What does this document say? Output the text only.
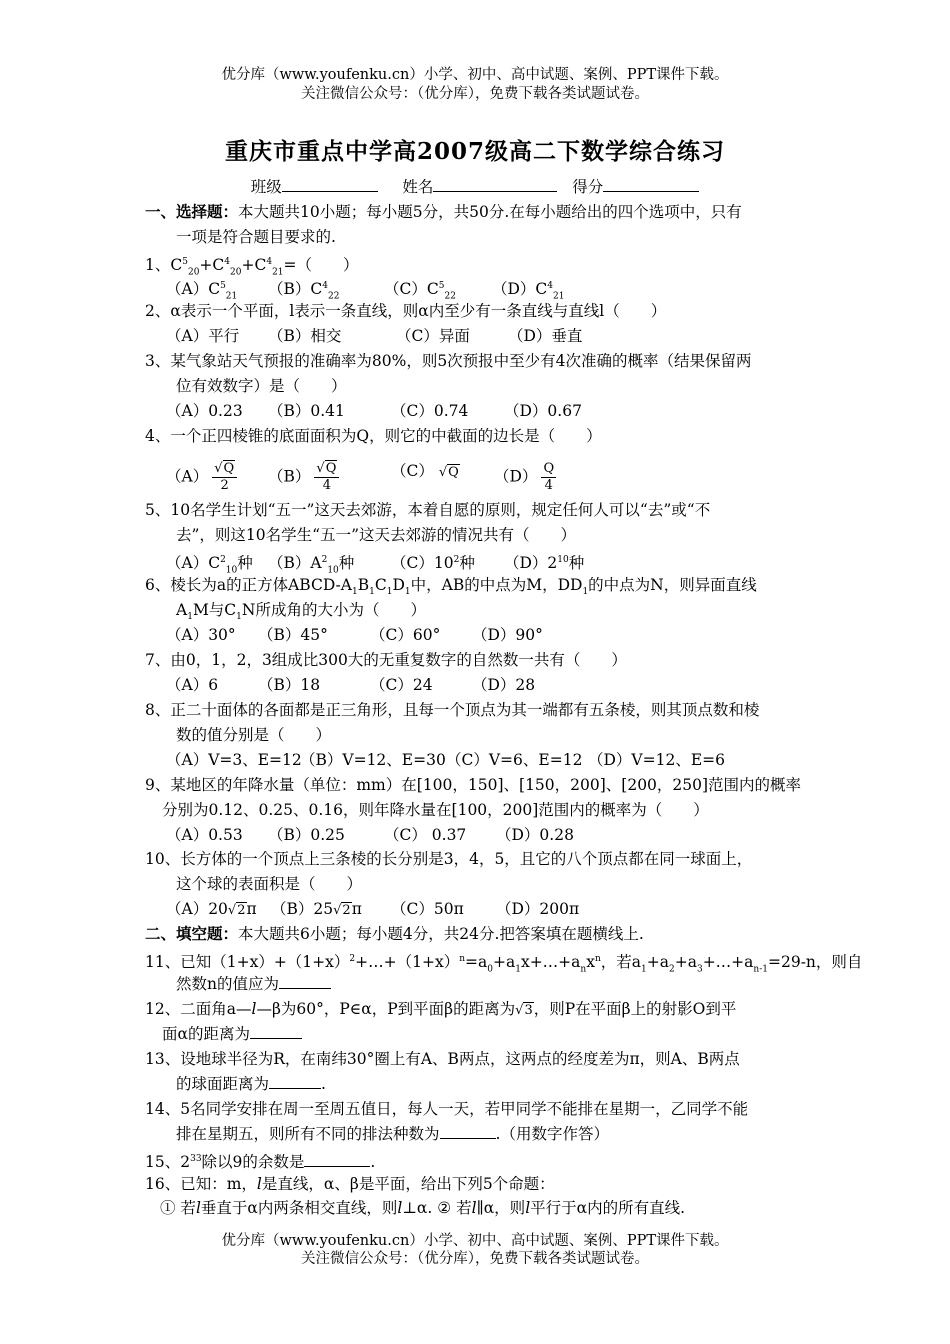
优分库（www.youfenku.cn）小学、初中、高中试题、案例、PPT课件下载。
关注微信公众号：（优分库），免费下载各类试题试卷。
重庆市重点中学高2007级高二下数学综合练习
班级	姓名	得分
一、选择题：本大题共10小题；每小题5分，共50分.在每小题给出的四个选项中，只有
一项是符合题目要求的.
1、$C^5_{20}+C^4_{20}+C^4_{21}=$（　　）
$(A)C^5_{21}$ $(B)C^4_{22}$	$(C)C^5_{22}$ $(D)C^4_{21}$
2、α表示一个平面，l表示一条直线，则α内至少有一条直线与直线l（　　）
（A）平行 （B）相交	（C）异面 （D）垂直
3、某气象站天气预报的准确率为80%，则5次预报中至少有4次准确的概率（结果保留两
位有效数字）是（　　）
（A）0.23 （B）0.41	（C）0.74 （D）0.67
4、一个正四棱锥的底面面积为Q，则它的中截面的边长是（　　）
$(A) \frac{√Q}{2} (B) \frac{√Q}{4}$	（C） √Q $(D) \frac{Q}{4}$
5、10名学生计划“五一”这天去郊游，本着自愿的原则，规定任何人可以“去”或“不
去”，则这10名学生“五一”这天去郊游的情况共有（　　）
$(A)C^2_{10}$种 $(B)A^2_{10}$种 $(C)10^2$种 $(D)2^{10}$种
6、棱长为a的正方体ABCD-$A_1B_1C_1D_1$中，AB的中点为M，$DD_1$的中点为N，则异面直线
$A_1M$与$C_1N$所成角的大小为（　　）
（A）30° （B）45°	（C）60° （D）90°
7、由0，1，2，3组成比300大的无重复数字的自然数一共有（　　）
（A）6	（B）18	（C）24	（D）28
8、正二十面体的各面都是正三角形，且每一个顶点为其一端都有五条棱，则其顶点数和棱
数的值分别是（　　）
（A）V=3、E=12
（B）V=12、E=30 （C）V=6、E=12 （D）V=12、E=6
9、某地区的年降水量（单位：mm）在[100，150]、[150，200]、[200，250]范围内的概率
分别为0.12、0.25、0.16，则年降水量在[100，200]范围内的概率为（　　）
（A）0.53 （B）0.25	（C） 0.37 （D）0.28
10、长方体的一个顶点上三条棱的长分别是3，4，5，且它的八个顶点都在同一球面上，
这个球的表面积是（　　）
（A）20√2π （B）25√2π （C）50π （D）200π
二、填空题：本大题共6小题；每小题4分，共24分.把答案填在题横线上.
11、已知$(1+x)+(1+x)^2+\dots+(1+x)^n=a_0+a_1x+\dots+a_nx^n$，若$a_1+a_2+a_3+\dots+a_{n-1}=29-n$，则自
然数n的值应为
12、二面角a—l—β为60°，P∈α，P到平面β的距离为√3，则P在平面β上的射影O到平
面α的距离为
13、设地球半径为R，在南纬30°圈上有A、B两点，这两点的经度差为π，则A、B两点
的球面距离为	.
14、5名同学安排在周一至周五值日，每人一天，若甲同学不能排在星期一，乙同学不能
排在星期五，则所有不同的排法种数为	.（用数字作答）
15、$2^{33}$除以9的余数是	.
16、已知：m，l是直线，α、β是平面，给出下列5个命题：
① 若l垂直于α内两条相交直线，则l⊥α. ② 若l∥α，则l平行于α内的所有直线.
优分库（www.youfenku.cn）小学、初中、高中试题、案例、PPT课件下载。
关注微信公众号：（优分库），免费下载各类试题试卷。
